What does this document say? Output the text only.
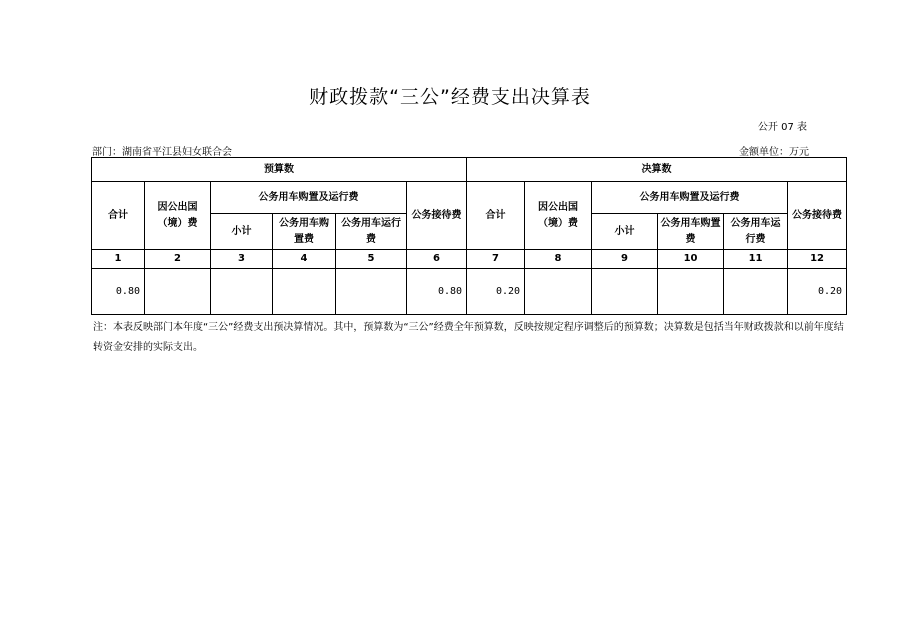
财政拨款“三公”经费支出决算表
公开 07 表
部门：湖南省平江县妇女联合会	金额单位：万元
预算数						决算数					
合计	因公出国（境）费	公务用车购置及运行费			公务接待费	合计	因公出国（境）费	公务用车购置及运行费			公务接待费
		小计	公务用车购置费	公务用车运行费				小计	公务用车购置费	公务用车运行费	
1	2	3	4	5	6	7	8	9	10	11	12
0.80					0.80	0.20					0.20
注：本表反映部门本年度“三公”经费支出预决算情况。其中，预算数为“三公”经费全年预算数，反映按规定程序调整后的预算数；决算数是包括当年财政拨款和以前年度结转资金安排的实际支出。
